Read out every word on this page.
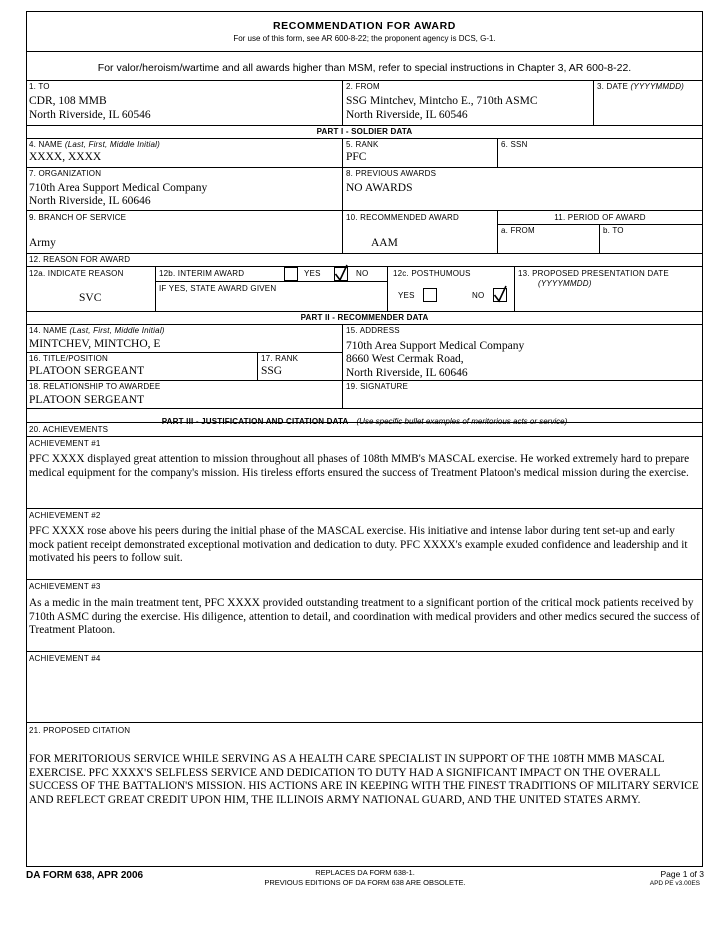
RECOMMENDATION FOR AWARD
For use of this form, see AR 600-8-22; the proponent agency is DCS, G-1.
For valor/heroism/wartime and all awards higher than MSM, refer to special instructions in Chapter 3, AR 600-8-22.
1. TO
CDR, 108 MMB
North Riverside, IL 60546
2. FROM
SSG Mintchev, Mintcho E., 710th ASMC
North Riverside, IL 60546
3. DATE (YYYYMMDD)
PART I - SOLDIER DATA
4. NAME (Last, First, Middle Initial)
XXXX, XXXX
5. RANK
PFC
6. SSN
7. ORGANIZATION
710th Area Support Medical Company
North Riverside, IL 60646
8. PREVIOUS AWARDS
NO AWARDS
9. BRANCH OF SERVICE
Army
10. RECOMMENDED AWARD
AAM
11. PERIOD OF AWARD
a. FROM	b. TO
12. REASON FOR AWARD
12a. INDICATE REASON
SVC
12b. INTERIM AWARD	YES	NO
IF YES, STATE AWARD GIVEN
12c. POSTHUMOUS
YES	NO
13. PROPOSED PRESENTATION DATE
(YYYYMMDD)
PART II - RECOMMENDER DATA
14. NAME (Last, First, Middle Initial)
MINTCHEV, MINTCHO, E
15. ADDRESS
710th Area Support Medical Company
8660 West Cermak Road,
North Riverside, IL 60646
16. TITLE/POSITION
PLATOON SERGEANT
17. RANK
SSG
18. RELATIONSHIP TO AWARDEE
PLATOON SERGEANT
19. SIGNATURE
20. ACHIEVEMENTS
ACHIEVEMENT #1
PFC XXXX displayed great attention to mission throughout all phases of 108th MMB's MASCAL exercise. He worked extremely hard to prepare medical equipment for the company's mission. His tireless efforts ensured the success of Treatment Platoon's medical mission during the exercise.
ACHIEVEMENT #2
PFC XXXX rose above his peers during the initial phase of the MASCAL exercise. His initiative and intense labor during tent set-up and early mock patient receipt demonstrated exceptional motivation and dedication to duty. PFC XXXX's example exuded confidence and leadership and it motivated his peers to follow suit.
ACHIEVEMENT #3
As a medic in the main treatment tent, PFC XXXX provided outstanding treatment to a significant portion of the critical mock patients received by 710th ASMC during the exercise. His diligence, attention to detail, and coordination with medical providers and other medics secured the success of Treatment Platoon.
ACHIEVEMENT #4
21. PROPOSED CITATION
FOR MERITORIOUS SERVICE WHILE SERVING AS A HEALTH CARE SPECIALIST IN SUPPORT OF THE 108TH MMB MASCAL EXERCISE. PFC XXXX'S SELFLESS SERVICE AND DEDICATION TO DUTY HAD A SIGNIFICANT IMPACT ON THE OVERALL SUCCESS OF THE BATTALION'S MISSION. HIS ACTIONS ARE IN KEEPING WITH THE FINEST TRADITIONS OF MILITARY SERVICE AND REFLECT GREAT CREDIT UPON HIM, THE ILLINOIS ARMY NATIONAL GUARD, AND THE UNITED STATES ARMY.
DA FORM 638, APR 2006	REPLACES DA FORM 638-1.
PREVIOUS EDITIONS OF DA FORM 638 ARE OBSOLETE.
Page 1 of 3
APD PE v3.00ES
